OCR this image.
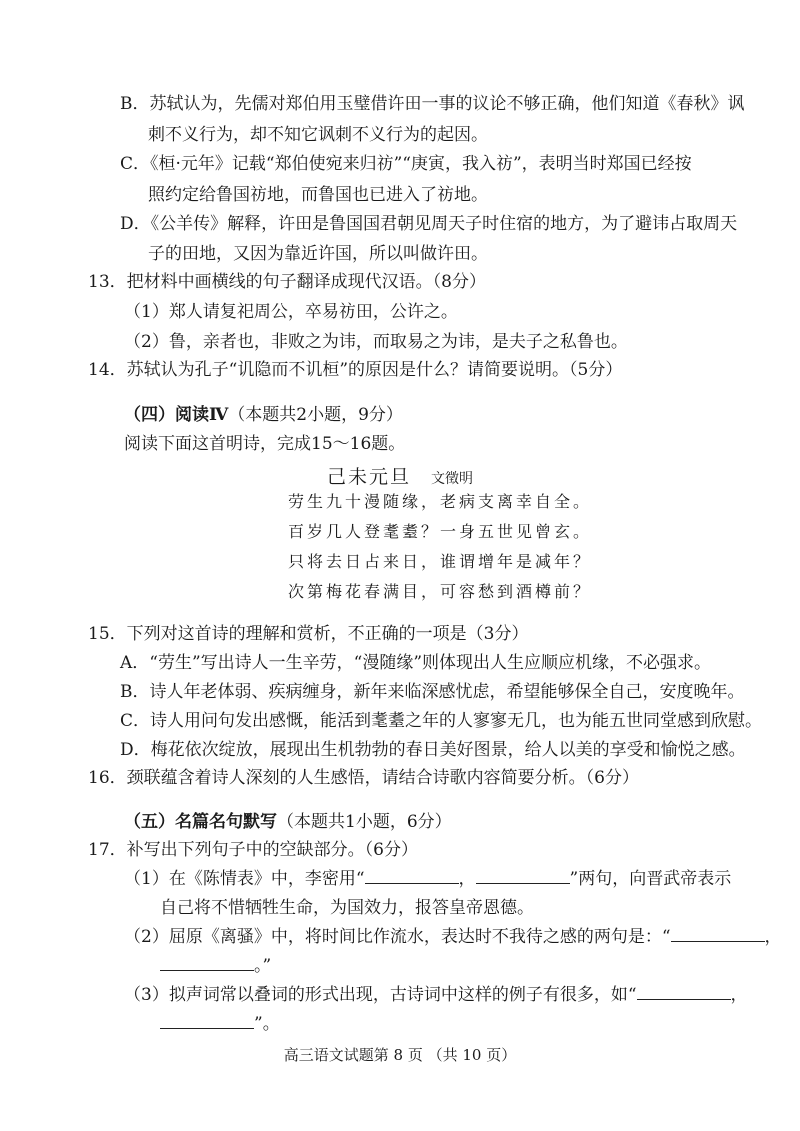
B．苏轼认为，先儒对郑伯用玉璧借许田一事的议论不够正确，他们知道《春秋》讽
刺不义行为，却不知它讽刺不义行为的起因。
C．《桓·元年》记载“郑伯使宛来归祊”“庚寅，我入祊”，表明当时郑国已经按
照约定给鲁国祊地，而鲁国也已进入了祊地。
D．《公羊传》解释，许田是鲁国国君朝见周天子时住宿的地方，为了避讳占取周天
子的田地，又因为靠近许国，所以叫做许田。
13．把材料中画横线的句子翻译成现代汉语。（8分）
（1）郑人请复祀周公，卒易祊田，公许之。
（2）鲁，亲者也，非败之为讳，而取易之为讳，是夫子之私鲁也。
14．苏轼认为孔子“讥隐而不讥桓”的原因是什么？请简要说明。（5分）
（四）阅读Ⅳ（本题共2小题，9分）
阅读下面这首明诗，完成15～16题。
己未元旦 文徵明
劳生九十漫随缘，老病支离幸自全。
百岁几人登耄耋？一身五世见曾玄。
只将去日占来日，谁谓增年是减年？
次第梅花春满目，可容愁到酒樽前？
15．下列对这首诗的理解和赏析，不正确的一项是（3分）
A．“劳生”写出诗人一生辛劳，“漫随缘”则体现出人生应顺应机缘，不必强求。
B．诗人年老体弱、疾病缠身，新年来临深感忧虑，希望能够保全自己，安度晚年。
C．诗人用问句发出感慨，能活到耄耋之年的人寥寥无几，也为能五世同堂感到欣慰。
D．梅花依次绽放，展现出生机勃勃的春日美好图景，给人以美的享受和愉悦之感。
16．颈联蕴含着诗人深刻的人生感悟，请结合诗歌内容简要分析。（6分）
（五）名篇名句默写（本题共1小题，6分）
17．补写出下列句子中的空缺部分。（6分）
（1）在《陈情表》中，李密用“	，	”两句，向晋武帝表示
自己将不惜牺牲生命，为国效力，报答皇帝恩德。
（2）屈原《离骚》中，将时间比作流水，表达时不我待之感的两句是：“	，
。”
（3）拟声词常以叠词的形式出现，古诗词中这样的例子有很多，如“	，
”。
高三语文试题第 8 页 （共 10 页）
